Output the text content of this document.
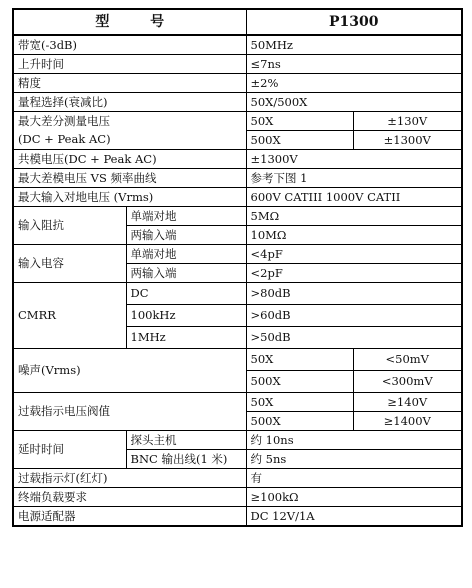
型 号		P1300	
带宽(-3dB)		50MHz	
上升时间		≤7ns	
精度		±2%	
量程选择(衰减比)		50X/500X	
最大差分测量电压		50X	±130V
(DC + Peak AC)		500X	±1300V
共模电压(DC + Peak AC)		±1300V	
最大差模电压 VS 频率曲线		参考下图 1	
最大输入对地电压 (Vrms)		600V CATIII 1000V CATII	
输入阻抗	单端对地	5MΩ	
	两输入端	10MΩ	
输入电容	单端对地	<4pF	
	两输入端	<2pF	
CMRR	DC	>80dB	
	100kHz	>60dB	
	1MHz	>50dB	
噪声(Vrms)		50X	<50mV
		500X	<300mV
过载指示电压阀值		50X	≥140V
		500X	≥1400V
延时时间	探头主机	约 10ns	
	BNC 输出线(1 米)	约 5ns	
过载指示灯(红灯)		有	
终端负载要求		≥100kΩ	
电源适配器		DC 12V/1A	
